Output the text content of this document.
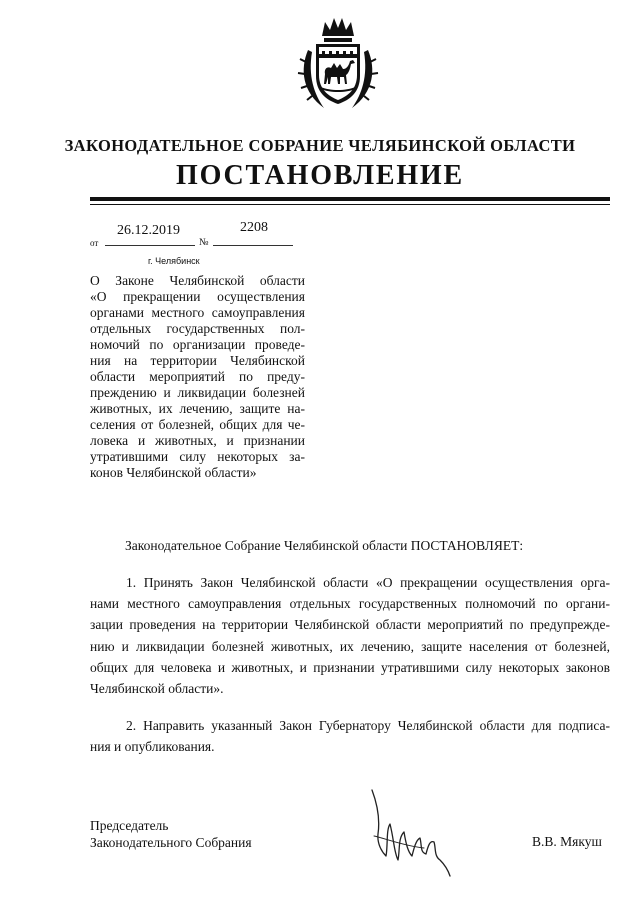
ЗАКОНОДАТЕЛЬНОЕ СОБРАНИЕ ЧЕЛЯБИНСКОЙ ОБЛАСТИ
ПОСТАНОВЛЕНИЕ
26.12.2019	2208
от	№
г. Челябинск
О Законе Челябинской области
«О прекращении осуществления
органами местного самоуправления
отдельных государственных пол-
номочий по организации проведе-
ния на территории Челябинской
области мероприятий по преду-
преждению и ликвидации болезней
животных, их лечению, защите на-
селения от болезней, общих для че-
ловека и животных, и признании
утратившими силу некоторых за-
конов Челябинской области»
Законодательное Собрание Челябинской области ПОСТАНОВЛЯЕТ:
1. Принять Закон Челябинской области «О прекращении осуществления орга-
нами местного самоуправления отдельных государственных полномочий по органи-
зации проведения на территории Челябинской области мероприятий по предупрежде-
нию и ликвидации болезней животных, их лечению, защите населения от болезней,
общих для человека и животных, и признании утратившими силу некоторых законов
Челябинской области».
2. Направить указанный Закон Губернатору Челябинской области для подписа-
ния и опубликования.
Председатель
Законодательного Собрания	В.В. Мякуш
